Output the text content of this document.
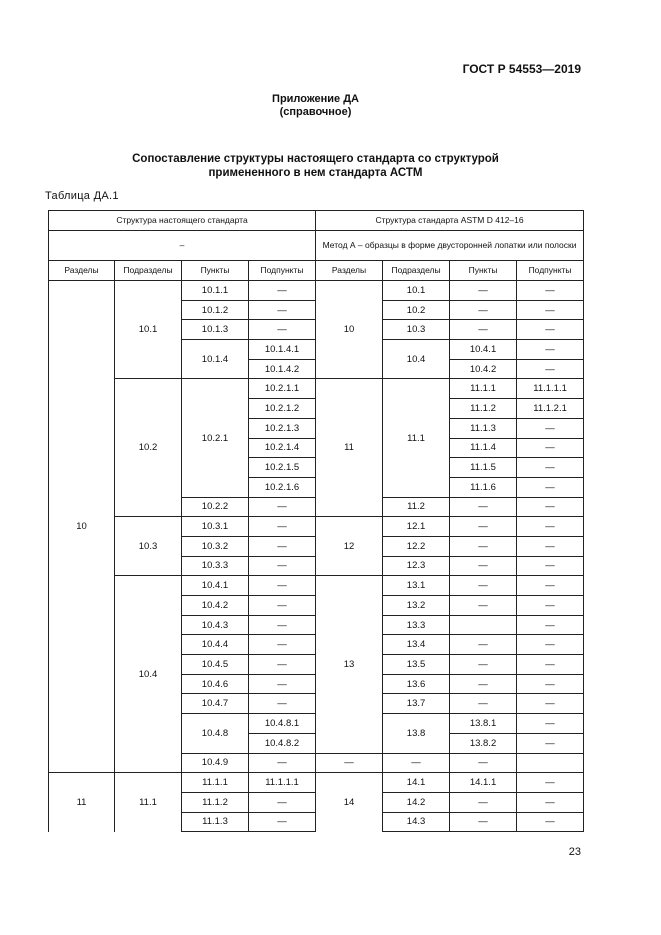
ГОСТ Р 54553—2019
Приложение ДА
(справочное)
Сопоставление структуры настоящего стандарта со структурой
примененного в нем стандарта АСТМ
Таблица ДА.1
Структура настоящего стандарта				Структура стандарта ASTM D 412–16			
–				Метод А – образцы в форме двусторонней лопатки или полоски			
Разделы	Подразделы	Пункты	Подпункты	Разделы	Подразделы	Пункты	Подпункты
10	10.1	10.1.1	—	10	10.1	—	—
		10.1.2	—		10.2	—	—
		10.1.3	—		10.3	—	—
		10.1.4	10.1.4.1		10.4	10.4.1	—
			10.1.4.2			10.4.2	—
	10.2	10.2.1	10.2.1.1	11	11.1	11.1.1	11.1.1.1
			10.2.1.2			11.1.2	11.1.2.1
			10.2.1.3			11.1.3	—
			10.2.1.4			11.1.4	—
			10.2.1.5			11.1.5	—
			10.2.1.6			11.1.6	—
		10.2.2	—		11.2	—	—
	10.3	10.3.1	—	12	12.1	—	—
		10.3.2	—		12.2	—	—
		10.3.3	—		12.3	—	—
	10.4	10.4.1	—	13	13.1	—	—
		10.4.2	—		13.2	—	—
		10.4.3	—		13.3		—
		10.4.4	—		13.4	—	—
		10.4.5	—		13.5	—	—
		10.4.6	—		13.6	—	—
		10.4.7	—		13.7	—	—
		10.4.8	10.4.8.1		13.8	13.8.1	—
			10.4.8.2			13.8.2	—
		10.4.9	—	—	—	—	
11	11.1	11.1.1	11.1.1.1	14	14.1	14.1.1	—
		11.1.2	—		14.2	—	—
		11.1.3	—		14.3	—	—
23
